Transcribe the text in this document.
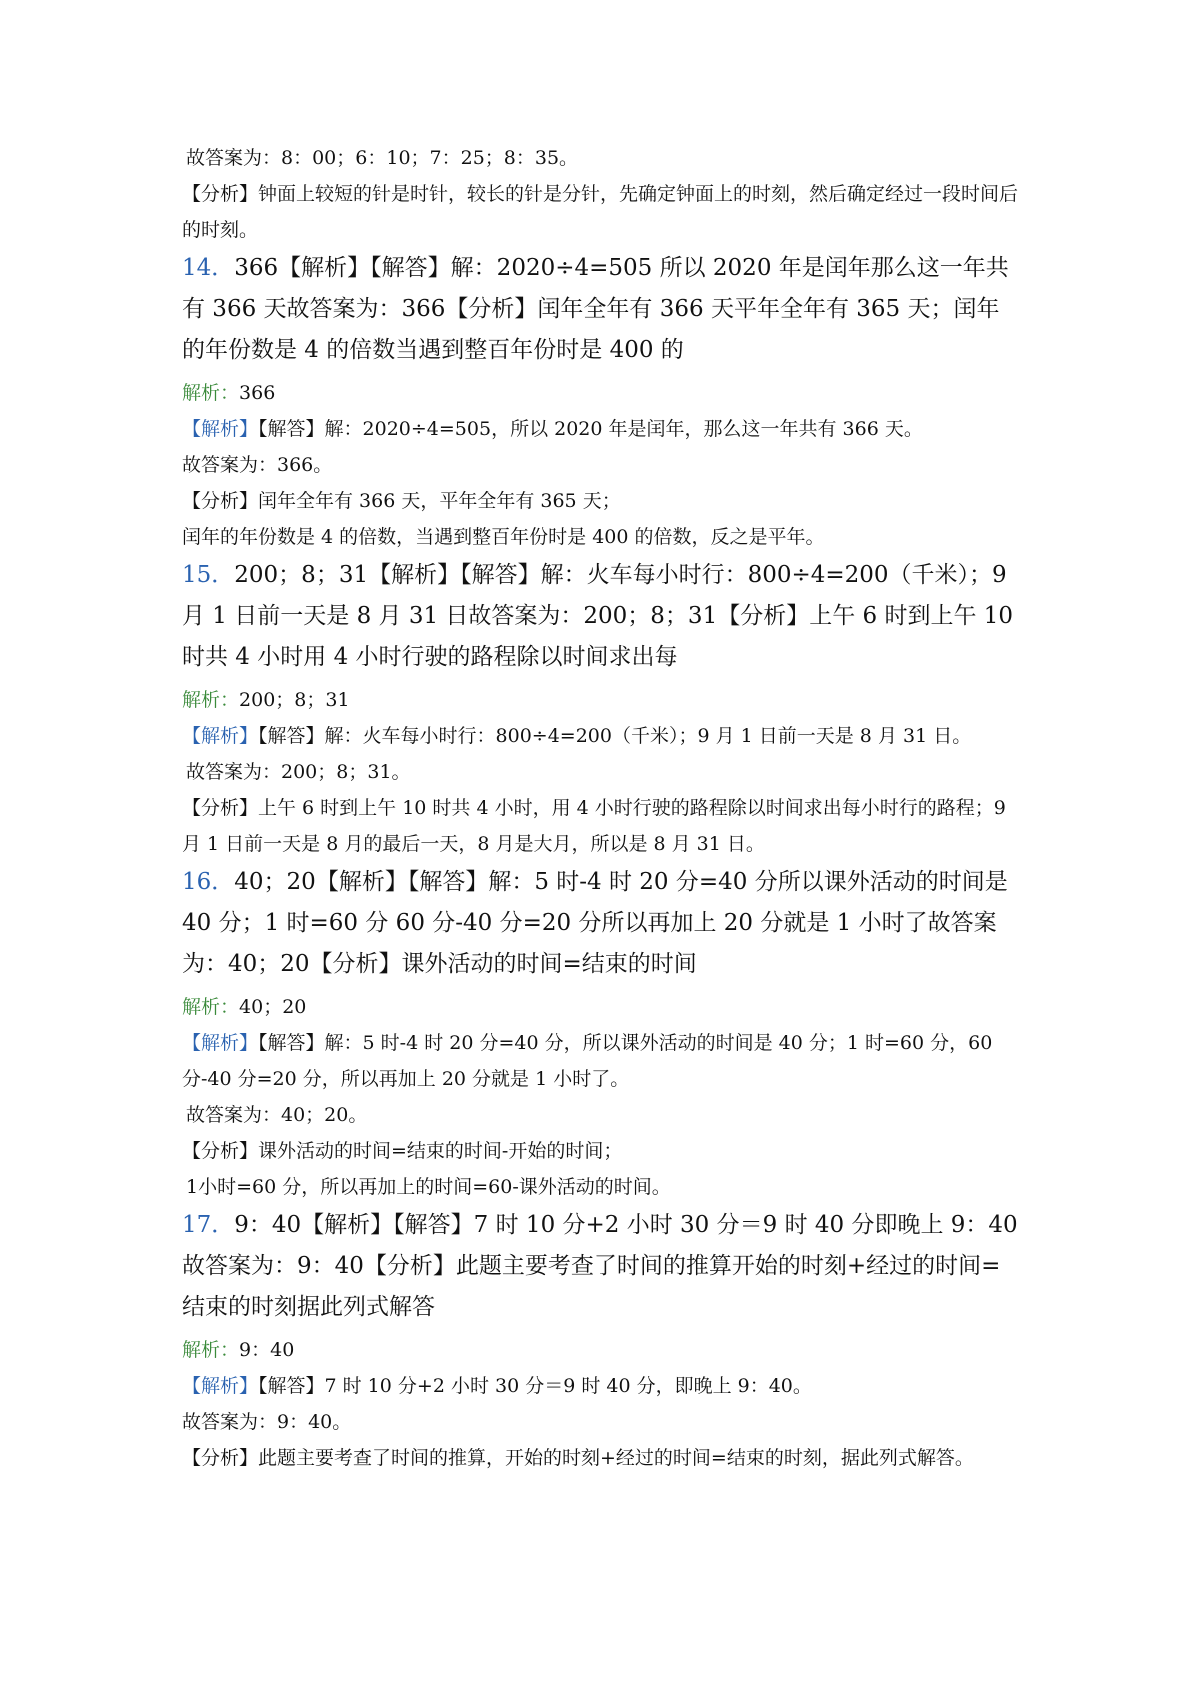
故答案为：8：00；6：10；7：25；8：35。

【分析】钟面上较短的针是时针，较长的针是分针，先确定钟面上的时刻，然后确定经过一段时间后的时刻。

14．366【解析】【解答】解：2020÷4=505 所以 2020 年是闰年那么这一年共有 366 天故答案为：366【分析】闰年全年有 366 天平年全年有 365 天；闰年的年份数是 4 的倍数当遇到整百年份时是 400 的

解析：366

【解析】【解答】解：2020÷4=505，所以 2020 年是闰年，那么这一年共有 366 天。

故答案为：366。

【分析】闰年全年有 366 天，平年全年有 365 天；

闰年的年份数是 4 的倍数，当遇到整百年份时是 400 的倍数，反之是平年。

15．200；8；31【解析】【解答】解：火车每小时行：800÷4=200（千米）；9 月 1 日前一天是 8 月 31 日故答案为：200；8；31【分析】上午 6 时到上午 10 时共 4 小时用 4 小时行驶的路程除以时间求出每

解析：200；8；31

【解析】【解答】解：火车每小时行：800÷4=200（千米）；9 月 1 日前一天是 8 月 31 日。

故答案为：200；8；31。

【分析】上午 6 时到上午 10 时共 4 小时，用 4 小时行驶的路程除以时间求出每小时行的路程；9 月 1 日前一天是 8 月的最后一天，8 月是大月，所以是 8 月 31 日。

16．40；20【解析】【解答】解：5 时-4 时 20 分=40 分所以课外活动的时间是 40 分；1 时=60 分 60 分-40 分=20 分所以再加上 20 分就是 1 小时了故答案为：40；20【分析】课外活动的时间=结束的时间

解析：40；20

【解析】【解答】解：5 时-4 时 20 分=40 分，所以课外活动的时间是 40 分；1 时=60 分，60 分-40 分=20 分，所以再加上 20 分就是 1 小时了。

故答案为：40；20。

【分析】课外活动的时间=结束的时间-开始的时间；

1小时=60 分，所以再加上的时间=60-课外活动的时间。

17．9：40【解析】【解答】7 时 10 分+2 小时 30 分＝9 时 40 分即晚上 9：40故答案为：9：40【分析】此题主要考查了时间的推算开始的时刻+经过的时间=结束的时刻据此列式解答

解析：9：40

【解析】【解答】7 时 10 分+2 小时 30 分＝9 时 40 分，即晚上 9：40。

故答案为：9：40。

【分析】此题主要考查了时间的推算，开始的时刻+经过的时间=结束的时刻，据此列式解答。
